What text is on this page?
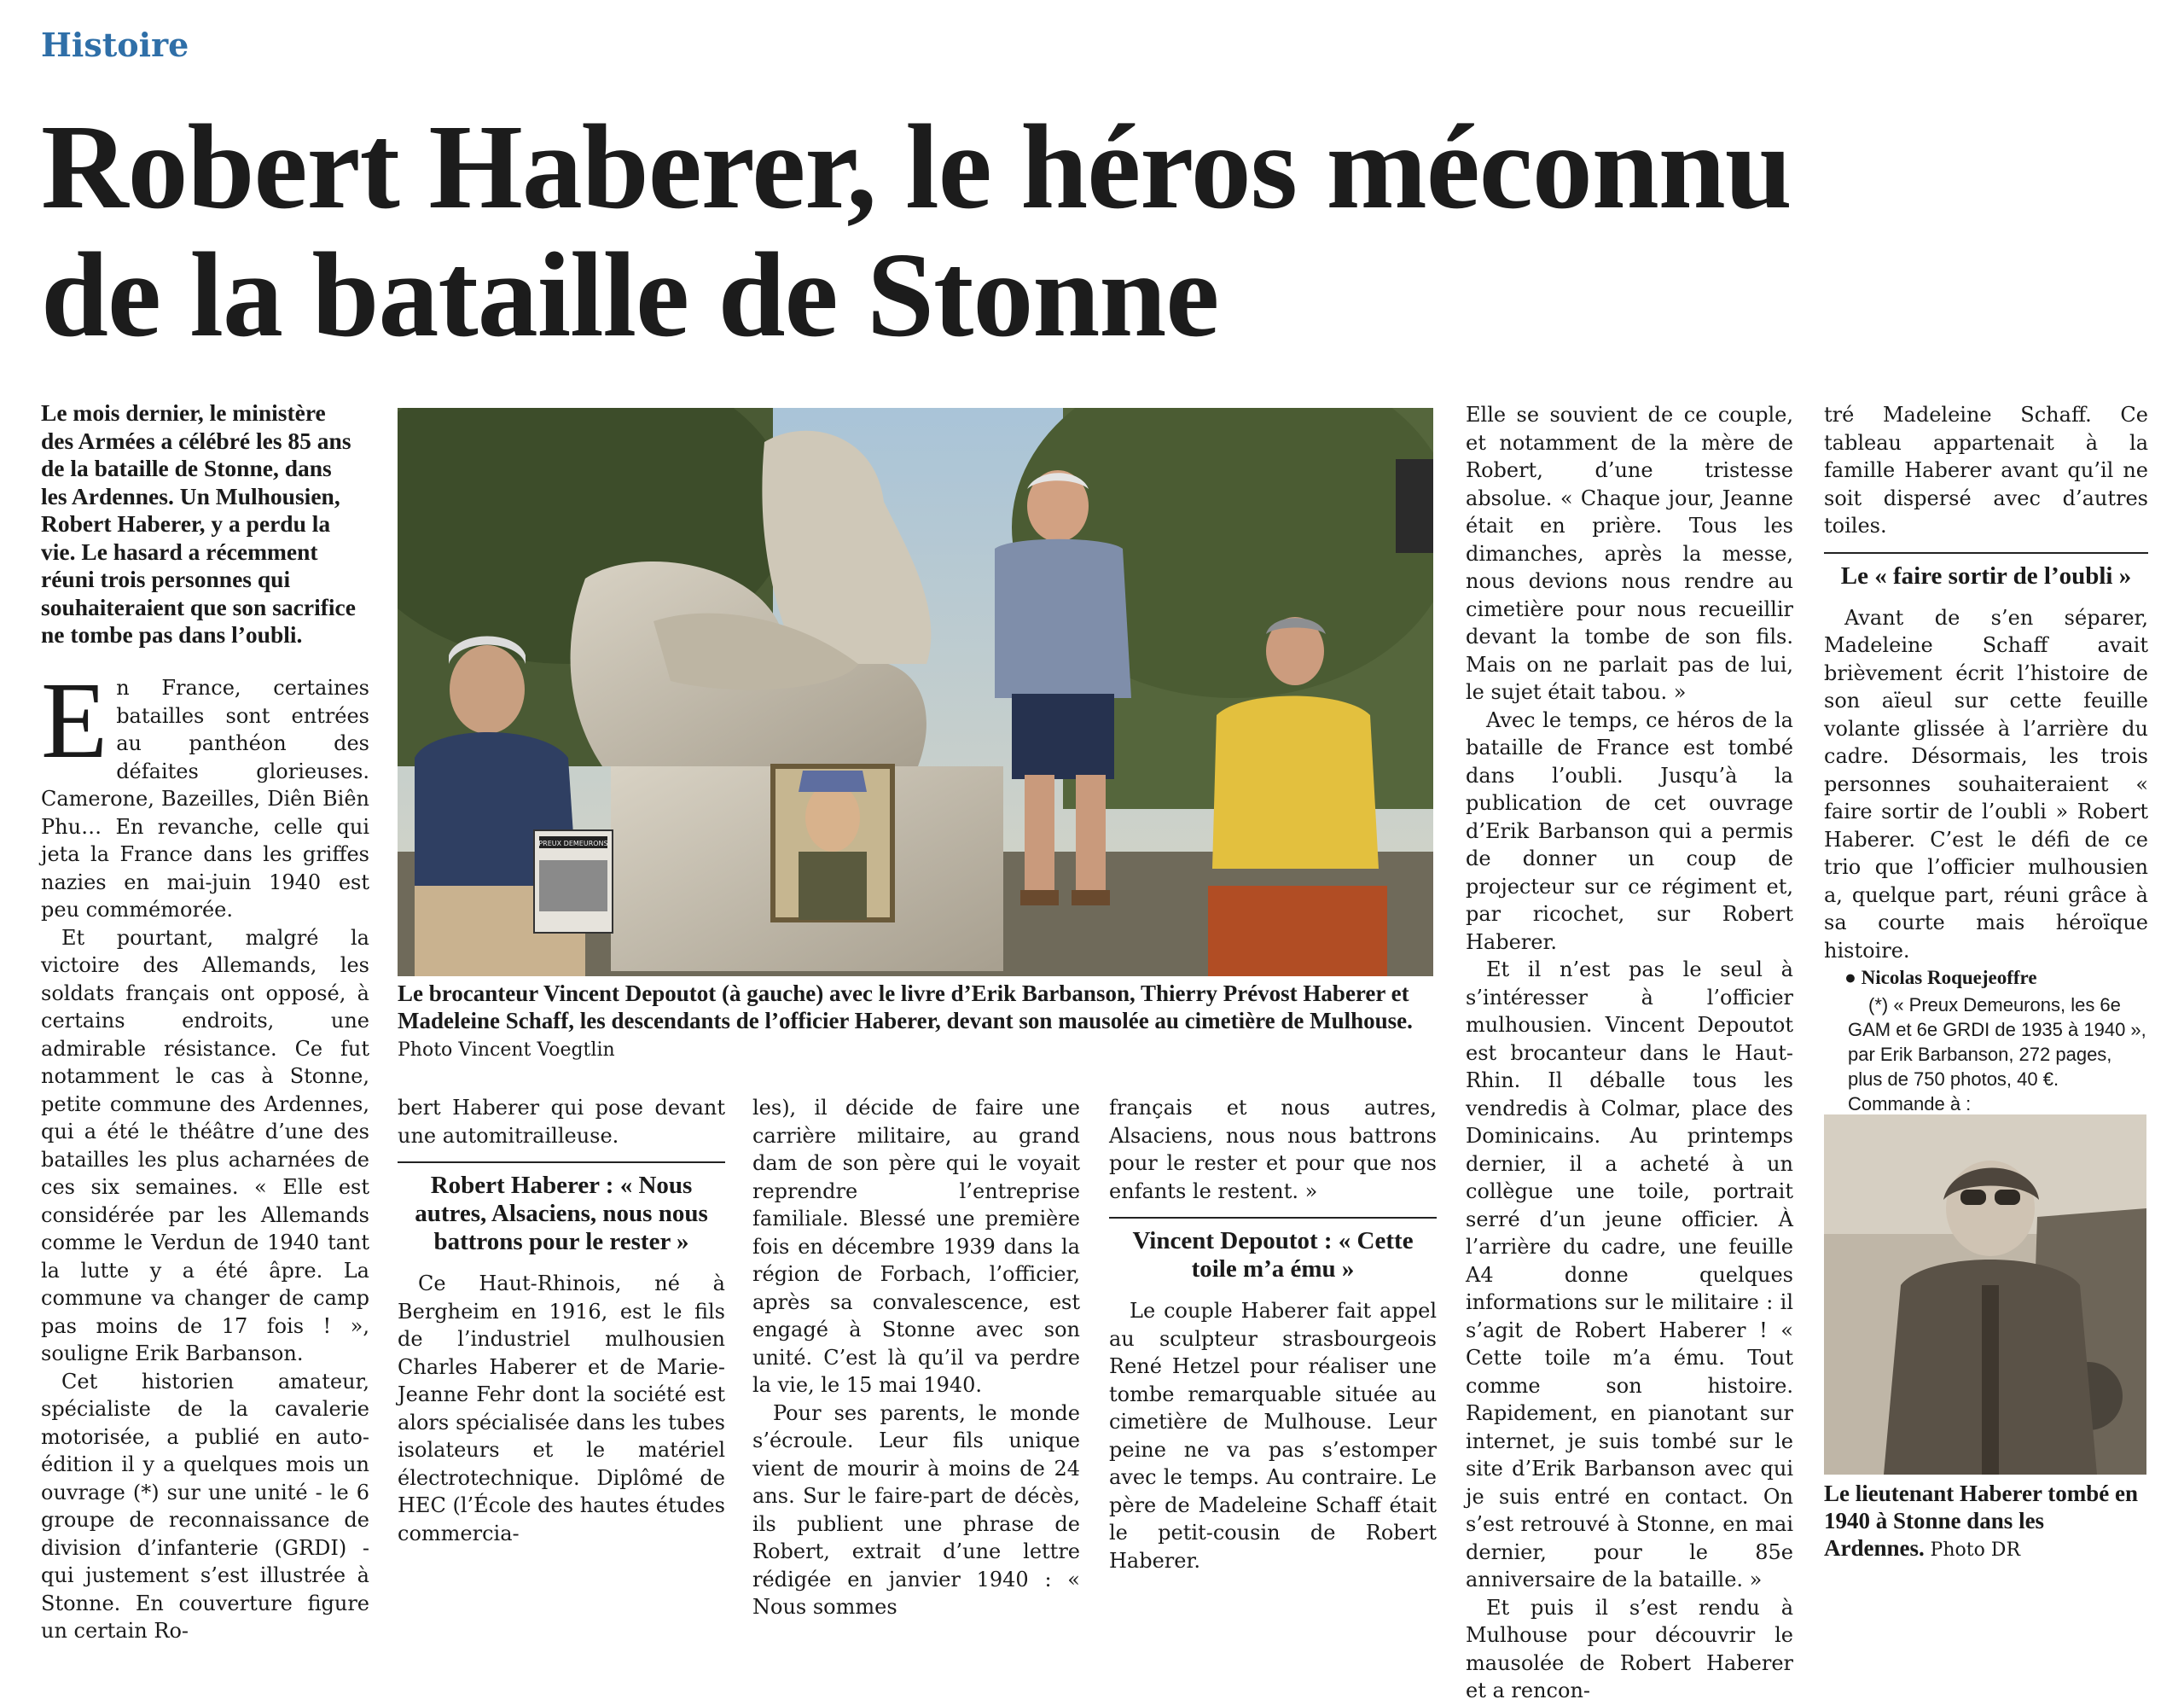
Histoire
Robert Haberer, le héros méconnu
de la bataille de Stonne

Le mois dernier, le ministère des Armées a célébré les 85 ans de la bataille de Stonne, dans les Ardennes. Un Mulhousien, Robert Haberer, y a perdu la vie. Le hasard a récemment réuni trois personnes qui souhaiteraient que son sacrifice ne tombe pas dans l’oubli.

En France, certaines batailles sont entrées au panthéon des défaites glorieuses. Camerone, Bazeilles, Diên Biên Phu… En revanche, celle qui jeta la France dans les griffes nazies en mai-juin 1940 est peu commémorée.

Et pourtant, malgré la victoire des Allemands, les soldats français ont opposé, à certains endroits, une admirable résistance. Ce fut notamment le cas à Stonne, petite commune des Ardennes, qui a été le théâtre d’une des batailles les plus acharnées de ces six semaines. « Elle est considérée par les Allemands comme le Verdun de 1940 tant la lutte y a été âpre. La commune va changer de camp pas moins de 17 fois ! », souligne Erik Barbanson.

Cet historien amateur, spécialiste de la cavalerie motorisée, a publié en auto-édition il y a quelques mois un ouvrage (*) sur une unité - le 6 groupe de reconnaissance de division d’infanterie (GRDI) - qui justement s’est illustrée à Stonne. En couverture figure un certain Ro-

PREUX DEMEURONS
Le brocanteur Vincent Depoutot (à gauche) avec le livre d’Erik Barbanson, Thierry Prévost Haberer et Madeleine Schaff, les descendants de l’officier Haberer, devant son mausolée au cimetière de Mulhouse. Photo Vincent Voegtlin

bert Haberer qui pose devant une automitrailleuse.

Robert Haberer : « Nous autres, Alsaciens, nous nous battrons pour le rester »

Ce Haut-Rhinois, né à Bergheim en 1916, est le fils de l’industriel mulhousien Charles Haberer et de Marie-Jeanne Fehr dont la société est alors spécialisée dans les tubes isolateurs et le matériel électrotechnique. Diplômé de HEC (l’École des hautes études commercia-

les), il décide de faire une carrière militaire, au grand dam de son père qui le voyait reprendre l’entreprise familiale. Blessé une première fois en décembre 1939 dans la région de Forbach, l’officier, après sa convalescence, est engagé à Stonne avec son unité. C’est là qu’il va perdre la vie, le 15 mai 1940.

Pour ses parents, le monde s’écroule. Leur fils unique vient de mourir à moins de 24 ans. Sur le faire-part de décès, ils publient une phrase de Robert, extrait d’une lettre rédigée en janvier 1940 : « Nous sommes

français et nous autres, Alsaciens, nous nous battrons pour le rester et pour que nos enfants le restent. »

Vincent Depoutot : « Cette toile m’a ému »

Le couple Haberer fait appel au sculpteur strasbourgeois René Hetzel pour réaliser une tombe remarquable située au cimetière de Mulhouse. Leur peine ne va pas s’estomper avec le temps. Au contraire. Le père de Madeleine Schaff était le petit-cousin de Robert Haberer.

Elle se souvient de ce couple, et notamment de la mère de Robert, d’une tristesse absolue. « Chaque jour, Jeanne était en prière. Tous les dimanches, après la messe, nous devions nous rendre au cimetière pour nous recueillir devant la tombe de son fils. Mais on ne parlait pas de lui, le sujet était tabou. »

Avec le temps, ce héros de la bataille de France est tombé dans l’oubli. Jusqu’à la publication de cet ouvrage d’Erik Barbanson qui a permis de donner un coup de projecteur sur ce régiment et, par ricochet, sur Robert Haberer.

Et il n’est pas le seul à s’intéresser à l’officier mulhousien. Vincent Depoutot est brocanteur dans le Haut-Rhin. Il déballe tous les vendredis à Colmar, place des Dominicains. Au printemps dernier, il a acheté à un collègue une toile, portrait serré d’un jeune officier. À l’arrière du cadre, une feuille A4 donne quelques informations sur le militaire : il s’agit de Robert Haberer ! « Cette toile m’a ému. Tout comme son histoire. Rapidement, en pianotant sur internet, je suis tombé sur le site d’Erik Barbanson avec qui je suis entré en contact. On s’est retrouvé à Stonne, en mai dernier, pour le 85e anniversaire de la bataille. »

Et puis il s’est rendu à Mulhouse pour découvrir le mausolée de Robert Haberer et a rencon-

tré Madeleine Schaff. Ce tableau appartenait à la famille Haberer avant qu’il ne soit dispersé avec d’autres toiles.

Le « faire sortir de l’oubli »

Avant de s’en séparer, Madeleine Schaff avait brièvement écrit l’histoire de son aïeul sur cette feuille volante glissée à l’arrière du cadre. Désormais, les trois personnes souhaiteraient « faire sortir de l’oubli » Robert Haberer. C’est le défi de ce trio que l’officier mulhousien a, quelque part, réuni grâce à sa courte mais héroïque histoire.

● Nicolas Roquejeoffre

(*) « Preux Demeurons, les 6e GAM et 6e GRDI de 1935 à 1940 », par Erik Barbanson, 272 pages, plus de 750 photos, 40 €. Commande à :

Le lieutenant Haberer tombé en 1940 à Stonne dans les Ardennes. Photo DR
